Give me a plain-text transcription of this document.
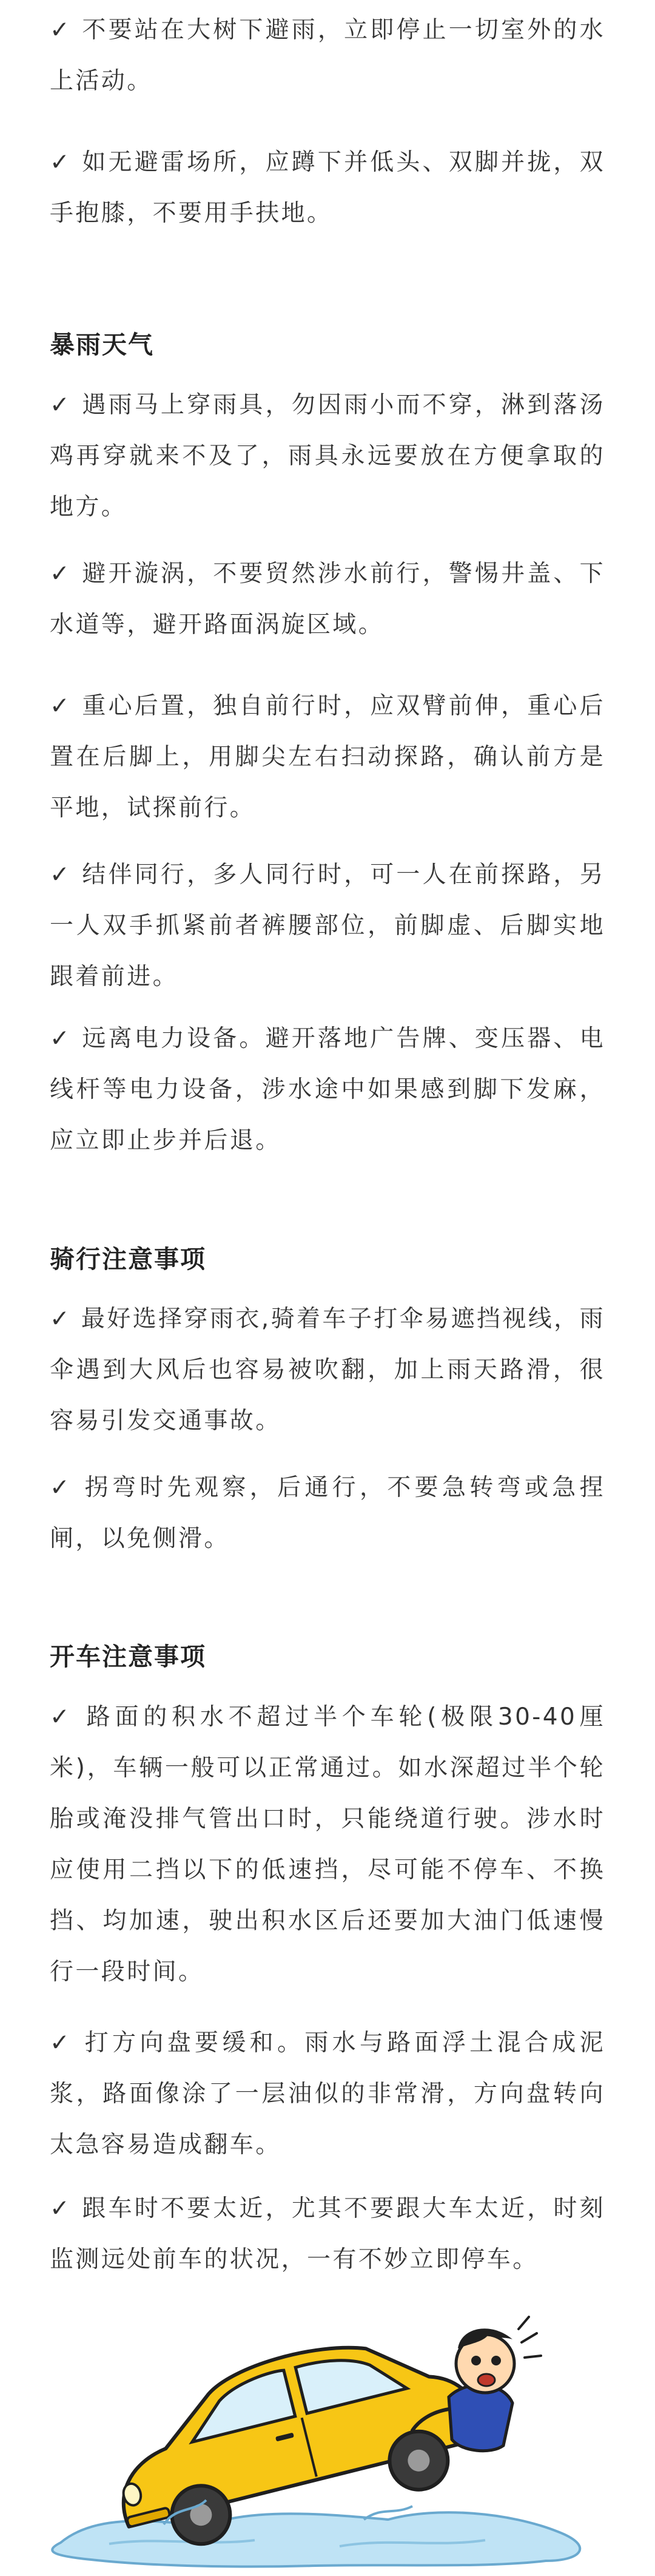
✓ 不要站在大树下避雨，立即停止一切室外的水上活动。

✓ 如无避雷场所，应蹲下并低头、双脚并拢，双手抱膝，不要用手扶地。

暴雨天气

✓ 遇雨马上穿雨具，勿因雨小而不穿，淋到落汤鸡再穿就来不及了，雨具永远要放在方便拿取的地方。

✓ 避开漩涡，不要贸然涉水前行，警惕井盖、下水道等，避开路面涡旋区域。

✓ 重心后置，独自前行时，应双臂前伸，重心后置在后脚上，用脚尖左右扫动探路，确认前方是平地，试探前行。

✓ 结伴同行，多人同行时，可一人在前探路，另一人双手抓紧前者裤腰部位，前脚虚、后脚实地跟着前进。

✓ 远离电力设备。避开落地广告牌、变压器、电线杆等电力设备，涉水途中如果感到脚下发麻，应立即止步并后退。

骑行注意事项

✓ 最好选择穿雨衣,骑着车子打伞易遮挡视线，雨伞遇到大风后也容易被吹翻，加上雨天路滑，很容易引发交通事故。

✓ 拐弯时先观察，后通行，不要急转弯或急捏闸，以免侧滑。

开车注意事项

✓ 路面的积水不超过半个车轮(极限30-40厘米)，车辆一般可以正常通过。如水深超过半个轮胎或淹没排气管出口时，只能绕道行驶。涉水时应使用二挡以下的低速挡，尽可能不停车、不换挡、均加速，驶出积水区后还要加大油门低速慢行一段时间。

✓ 打方向盘要缓和。雨水与路面浮土混合成泥浆，路面像涂了一层油似的非常滑，方向盘转向太急容易造成翻车。

✓ 跟车时不要太近，尤其不要跟大车太近，时刻监测远处前车的状况，一有不妙立即停车。
